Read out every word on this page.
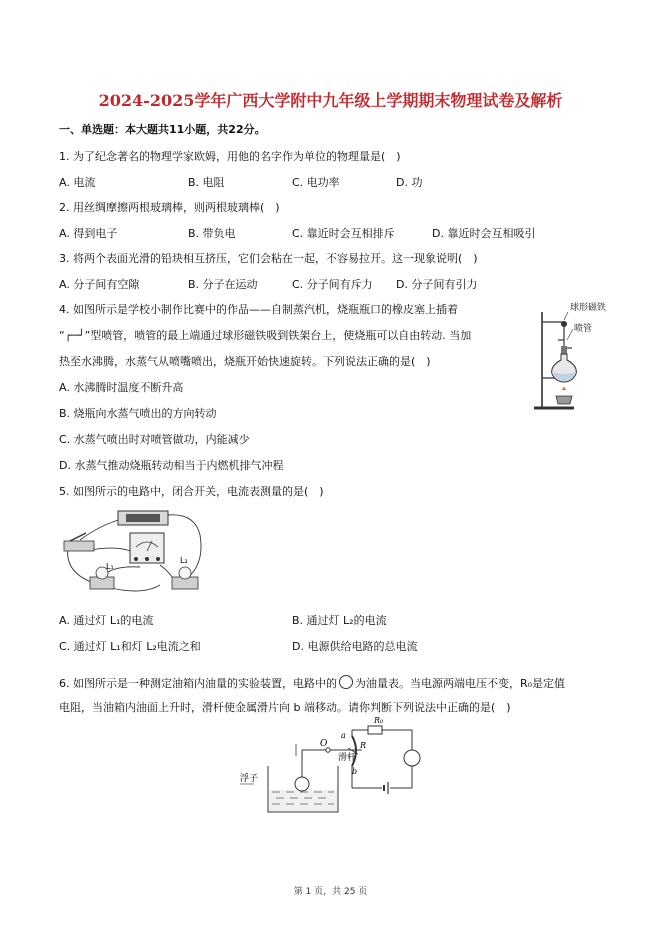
2024-2025学年广西大学附中九年级上学期期末物理试卷及解析
一、单选题：本大题共11小题，共22分。
1. 为了纪念著名的物理学家欧姆，用他的名字作为单位的物理量是(　)
A. 电流	B. 电阻	C. 电功率	D. 功
2. 用丝绸摩擦两根玻璃棒，则两根玻璃棒(　)
A. 得到电子	B. 带负电	C. 靠近时会互相排斥	D. 靠近时会互相吸引
3. 将两个表面光滑的铅块相互挤压，它们会粘在一起，不容易拉开。这一现象说明(　)
A. 分子间有空隙	B. 分子在运动	C. 分子间有斥力 D. 分子间有引力
4. 如图所示是学校小制作比赛中的作品——自制蒸汽机，烧瓶瓶口的橡皮塞上插着
“┌─┘”型喷管，喷管的最上端通过球形磁铁吸到铁架台上，使烧瓶可以自由转动. 当加
热至水沸腾，水蒸气从喷嘴喷出，烧瓶开始快速旋转。下列说法正确的是(　)
A. 水沸腾时温度不断升高
B. 烧瓶向水蒸气喷出的方向转动
C. 水蒸气喷出时对喷管做功，内能减少
D. 水蒸气推动烧瓶转动相当于内燃机排气冲程
球形磁铁
喷管
5. 如图所示的电路中，闭合开关，电流表测量的是(　)
L₁
L₂
A. 通过灯 L₁的电流	B. 通过灯 L₂的电流
C. 通过灯 L₁和灯 L₂电流之和	D. 电源供给电路的总电流
6. 如图所示是一种测定油箱内油量的实验装置，电路中的 为油量表。当电源两端电压不变，R₀是定值
电阻，当油箱内油面上升时，滑杆使金属滑片向 b 端移动。请你判断下列说法中正确的是(　)
浮子
O
a
R
滑杆
b
R₀
第 1 页，共 25 页
